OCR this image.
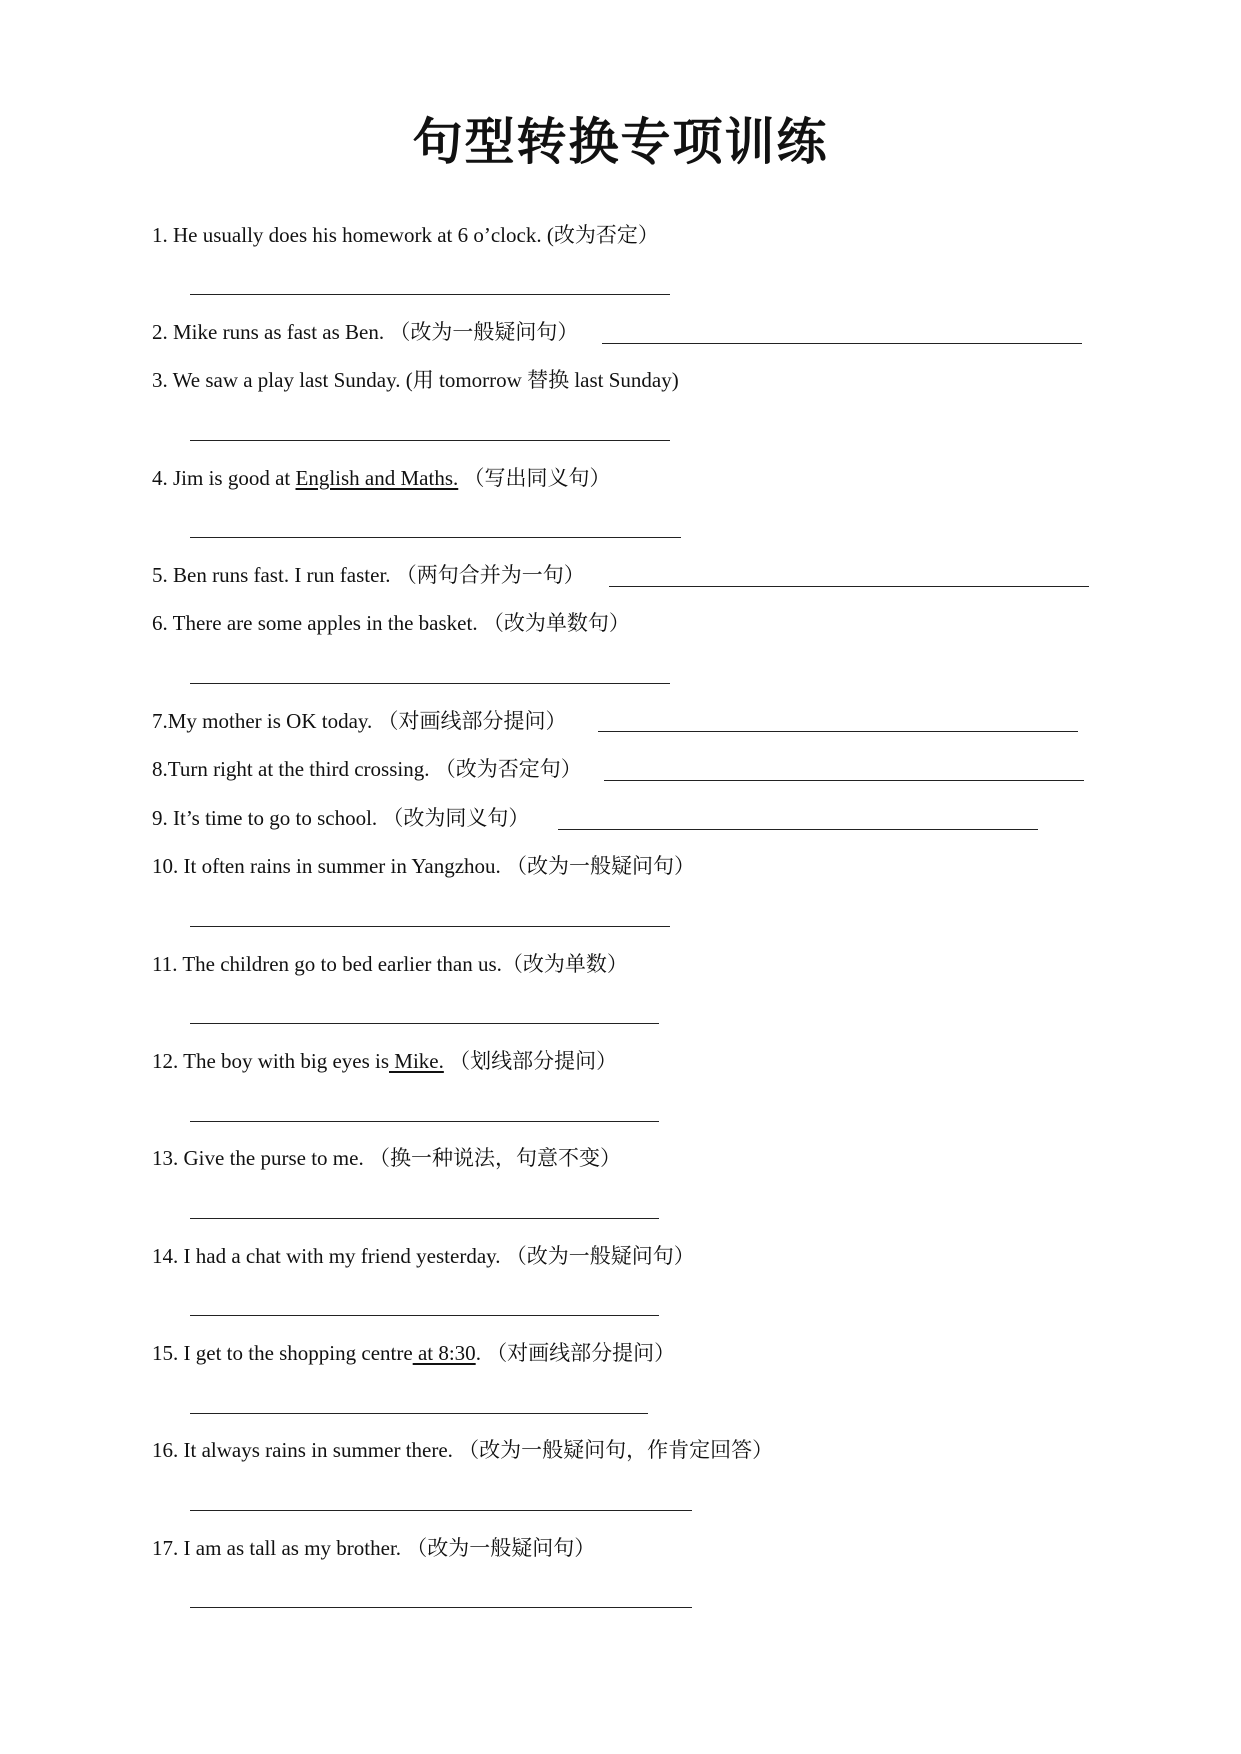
句型转换专项训练
1. He usually does his homework at 6 o’clock. (改为否定）
2. Mike runs as fast as Ben. （改为一般疑问句）
3. We saw a play last Sunday. (用 tomorrow 替换 last Sunday)
4. Jim is good at English and Maths. （写出同义句）
5. Ben runs fast. I run faster. （两句合并为一句）
6. There are some apples in the basket. （改为单数句）
7.My mother is OK today. （对画线部分提问）
8.Turn right at the third crossing. （改为否定句）
9. It’s time to go to school. （改为同义句）
10. It often rains in summer in Yangzhou. （改为一般疑问句）
11. The children go to bed earlier than us.（改为单数）
12. The boy with big eyes is Mike. （划线部分提问）
13. Give the purse to me. （换一种说法，句意不变）
14. I had a chat with my friend yesterday. （改为一般疑问句）
15. I get to the shopping centre at 8:30. （对画线部分提问）
16. It always rains in summer there. （改为一般疑问句，作肯定回答）
17. I am as tall as my brother. （改为一般疑问句）
